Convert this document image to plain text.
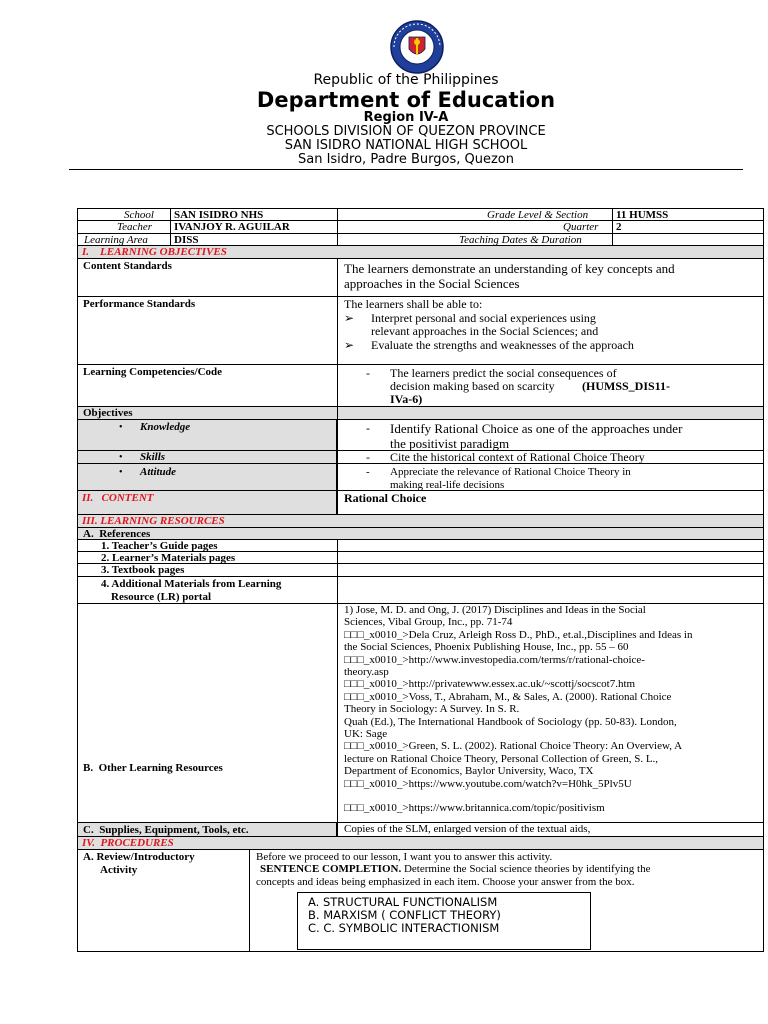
Republic of the Philippines
Department of Education
Region IV-A
SCHOOLS DIVISION OF QUEZON PROVINCE
SAN ISIDRO NATIONAL HIGH SCHOOL
San Isidro, Padre Burgos, Quezon
School SAN ISIDRO NHS	Grade Level & Section	11 HUMSS
Teacher IVANJOY R. AGUILAR	Quarter 2
Learning Area DISS	Teaching Dates & Duration
I.    LEARNING OBJECTIVES
Content Standards	The learners demonstrate an understanding of key concepts and
approaches in the Social Sciences
Performance Standards	The learners shall be able to:
➢ Interpret personal and social experiences using
relevant approaches in the Social Sciences; and
➢ Evaluate the strengths and weaknesses of the approach
Learning Competencies/Code	- The learners predict the social consequences of
decision making based on scarcity (HUMSS_DIS11-
IVa-6)
Objectives
• Knowledge	- Identify Rational Choice as one of the approaches under
the positivist paradigm
• Skills	- Cite the historical context of Rational Choice Theory
• Attitude	- Appreciate the relevance of Rational Choice Theory in
making real-life decisions
II.   CONTENT	Rational Choice
III. LEARNING RESOURCES
A.  References
1. Teacher’s Guide pages
2. Learner’s Materials pages
3. Textbook pages
4. Additional Materials from Learning
Resource (LR) portal
B.  Other Learning Resources
1) Jose, M. D. and Ong, J. (2017) Disciplines and Ideas in the Social
Sciences, Vibal Group, Inc., pp. 71-74
□□□_x0010_>Dela Cruz, Arleigh Ross D., PhD., et.al.,Disciplines and Ideas in
the Social Sciences, Phoenix Publishing House, Inc., pp. 55 – 60
□□□_x0010_>http://www.investopedia.com/terms/r/rational-choice-
theory.asp
□□□_x0010_>http://privatewww.essex.ac.uk/~scottj/socscot7.htm
□□□_x0010_>Voss, T., Abraham, M., & Sales, A. (2000). Rational Choice
Theory in Sociology: A Survey. In S. R.
Quah (Ed.), The International Handbook of Sociology (pp. 50-83). London,
UK: Sage
□□□_x0010_>Green, S. L. (2002). Rational Choice Theory: An Overview, A
lecture on Rational Choice Theory, Personal Collection of Green, S. L.,
Department of Economics, Baylor University, Waco, TX
□□□_x0010_>https://www.youtube.com/watch?v=H0hk_5Plv5U
□□□_x0010_>https://www.britannica.com/topic/positivism
C.  Supplies, Equipment, Tools, etc.	Copies of the SLM, enlarged version of the textual aids,
IV.  PROCEDURES
A. Review/Introductory
Activity
Before we proceed to our lesson, I want you to answer this activity.
SENTENCE COMPLETION. Determine the Social science theories by identifying the
concepts and ideas being emphasized in each item. Choose your answer from the box.
A. STRUCTURAL FUNCTIONALISM
B. MARXISM ( CONFLICT THEORY)
C. C. SYMBOLIC INTERACTIONISM
